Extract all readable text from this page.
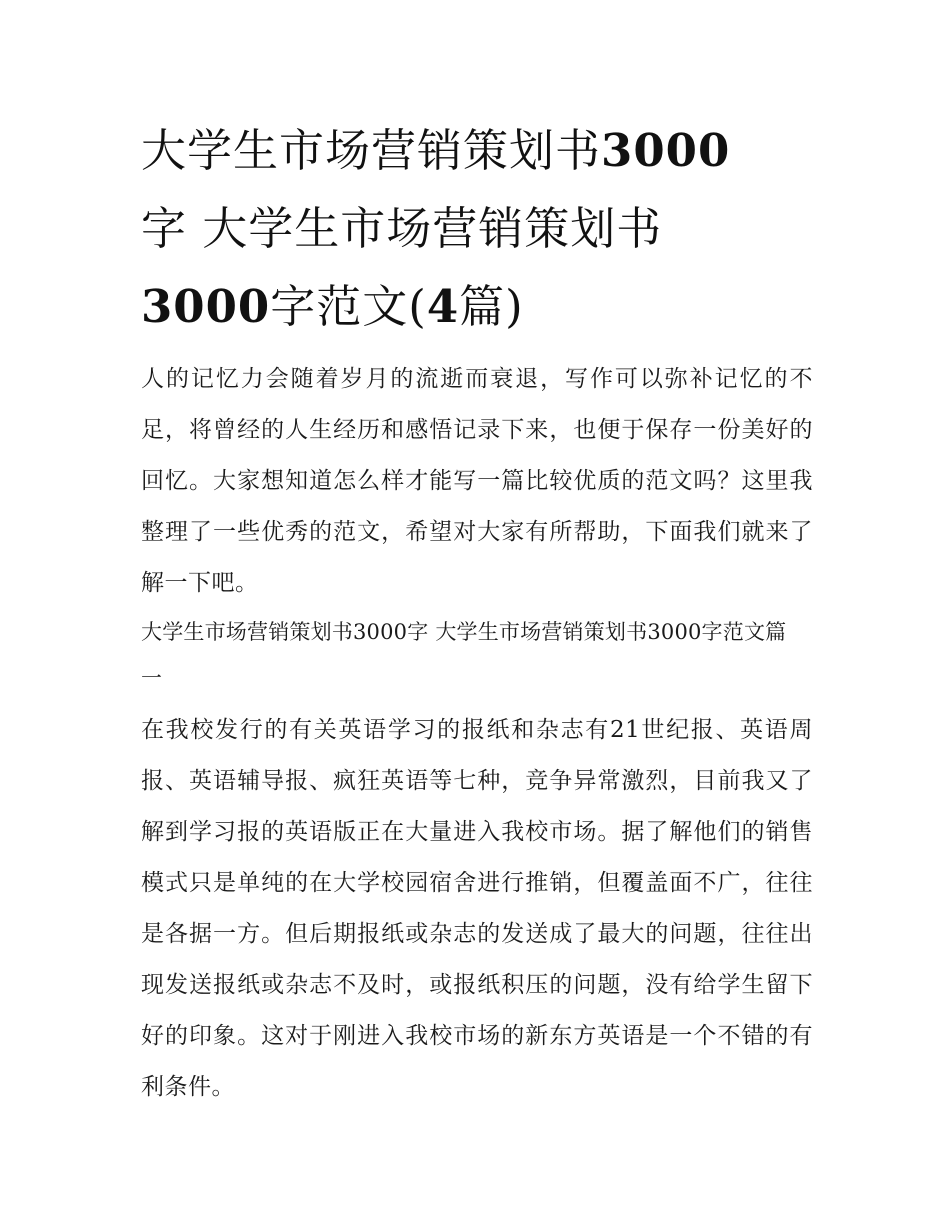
大学生市场营销策划书3000
字 大学生市场营销策划书
3000字范文(4篇)

人的记忆力会随着岁月的流逝而衰退，写作可以弥补记忆的不足，将曾经的人生经历和感悟记录下来，也便于保存一份美好的回忆。大家想知道怎么样才能写一篇比较优质的范文吗？这里我整理了一些优秀的范文，希望对大家有所帮助，下面我们就来了解一下吧。

大学生市场营销策划书3000字 大学生市场营销策划书3000字范文篇一

在我校发行的有关英语学习的报纸和杂志有21世纪报、英语周报、英语辅导报、疯狂英语等七种，竞争异常激烈，目前我又了解到学习报的英语版正在大量进入我校市场。据了解他们的销售模式只是单纯的在大学校园宿舍进行推销，但覆盖面不广，往往是各据一方。但后期报纸或杂志的发送成了最大的问题，往往出现发送报纸或杂志不及时，或报纸积压的问题，没有给学生留下好的印象。这对于刚进入我校市场的新东方英语是一个不错的有利条件。
